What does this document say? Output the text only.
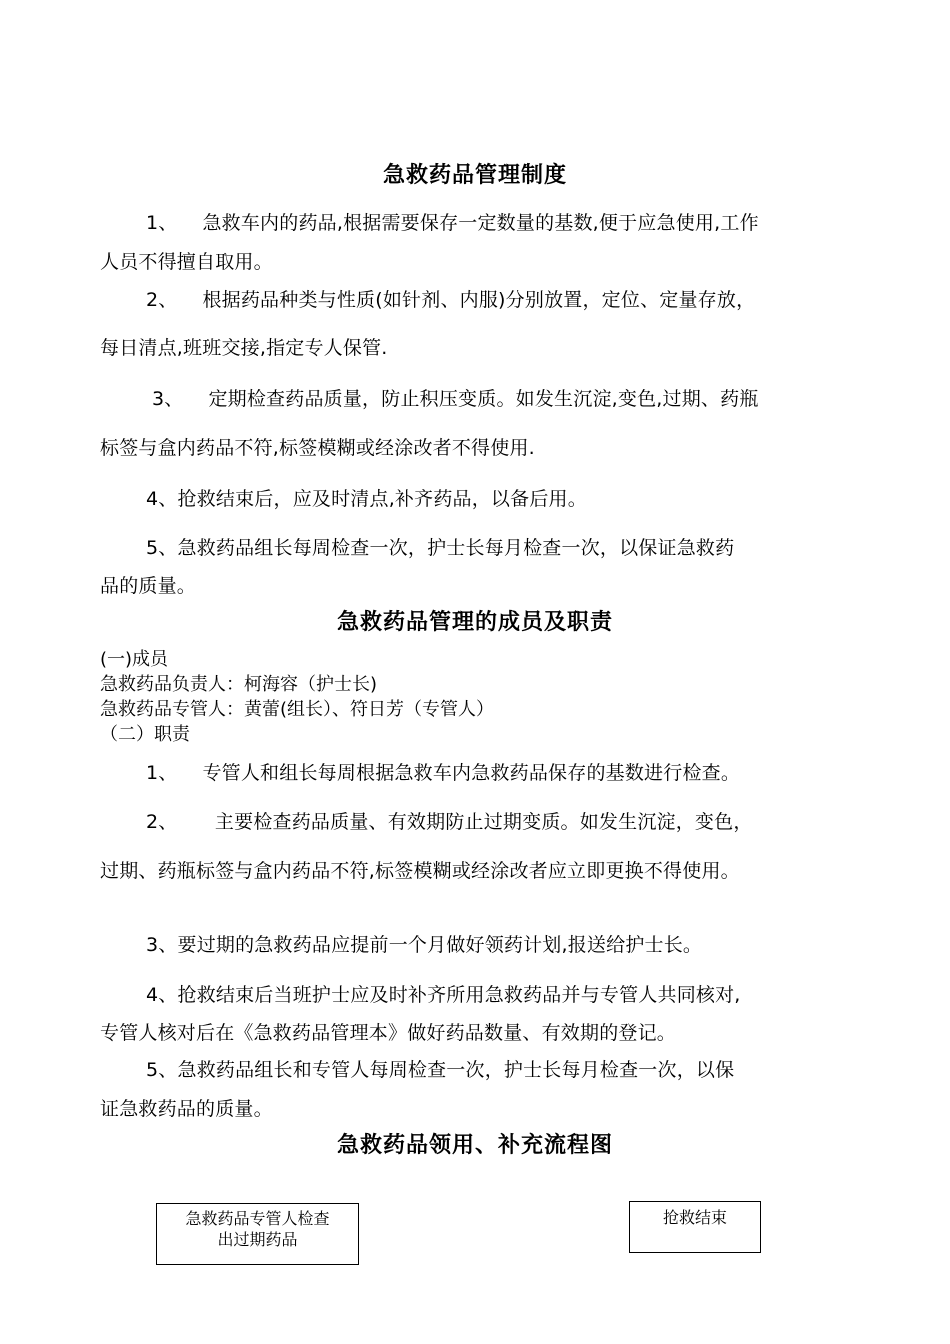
急救药品管理制度
1、    急救车内的药品,根据需要保存一定数量的基数,便于应急使用,工作
人员不得擅自取用。
2、    根据药品种类与性质(如针剂、内服)分别放置，定位、定量存放，
每日清点,班班交接,指定专人保管.
3、    定期检查药品质量，防止积压变质。如发生沉淀,变色,过期、药瓶
标签与盒内药品不符,标签模糊或经涂改者不得使用.
4、抢救结束后，应及时清点,补齐药品，以备后用。
5、急救药品组长每周检查一次，护士长每月检查一次，以保证急救药
品的质量。
急救药品管理的成员及职责
(一)成员
急救药品负责人：柯海容（护士长)
急救药品专管人：黄蕾(组长）、符日芳（专管人）
（二）职责
1、    专管人和组长每周根据急救车内急救药品保存的基数进行检查。
2、      主要检查药品质量、有效期防止过期变质。如发生沉淀，变色，
过期、药瓶标签与盒内药品不符,标签模糊或经涂改者应立即更换不得使用。
3、要过期的急救药品应提前一个月做好领药计划,报送给护士长。
4、抢救结束后当班护士应及时补齐所用急救药品并与专管人共同核对,
专管人核对后在《急救药品管理本》做好药品数量、有效期的登记。
5、急救药品组长和专管人每周检查一次，护士长每月检查一次，以保
证急救药品的质量。
急救药品领用、补充流程图
急救药品专管人检查
出过期药品
抢救结束
